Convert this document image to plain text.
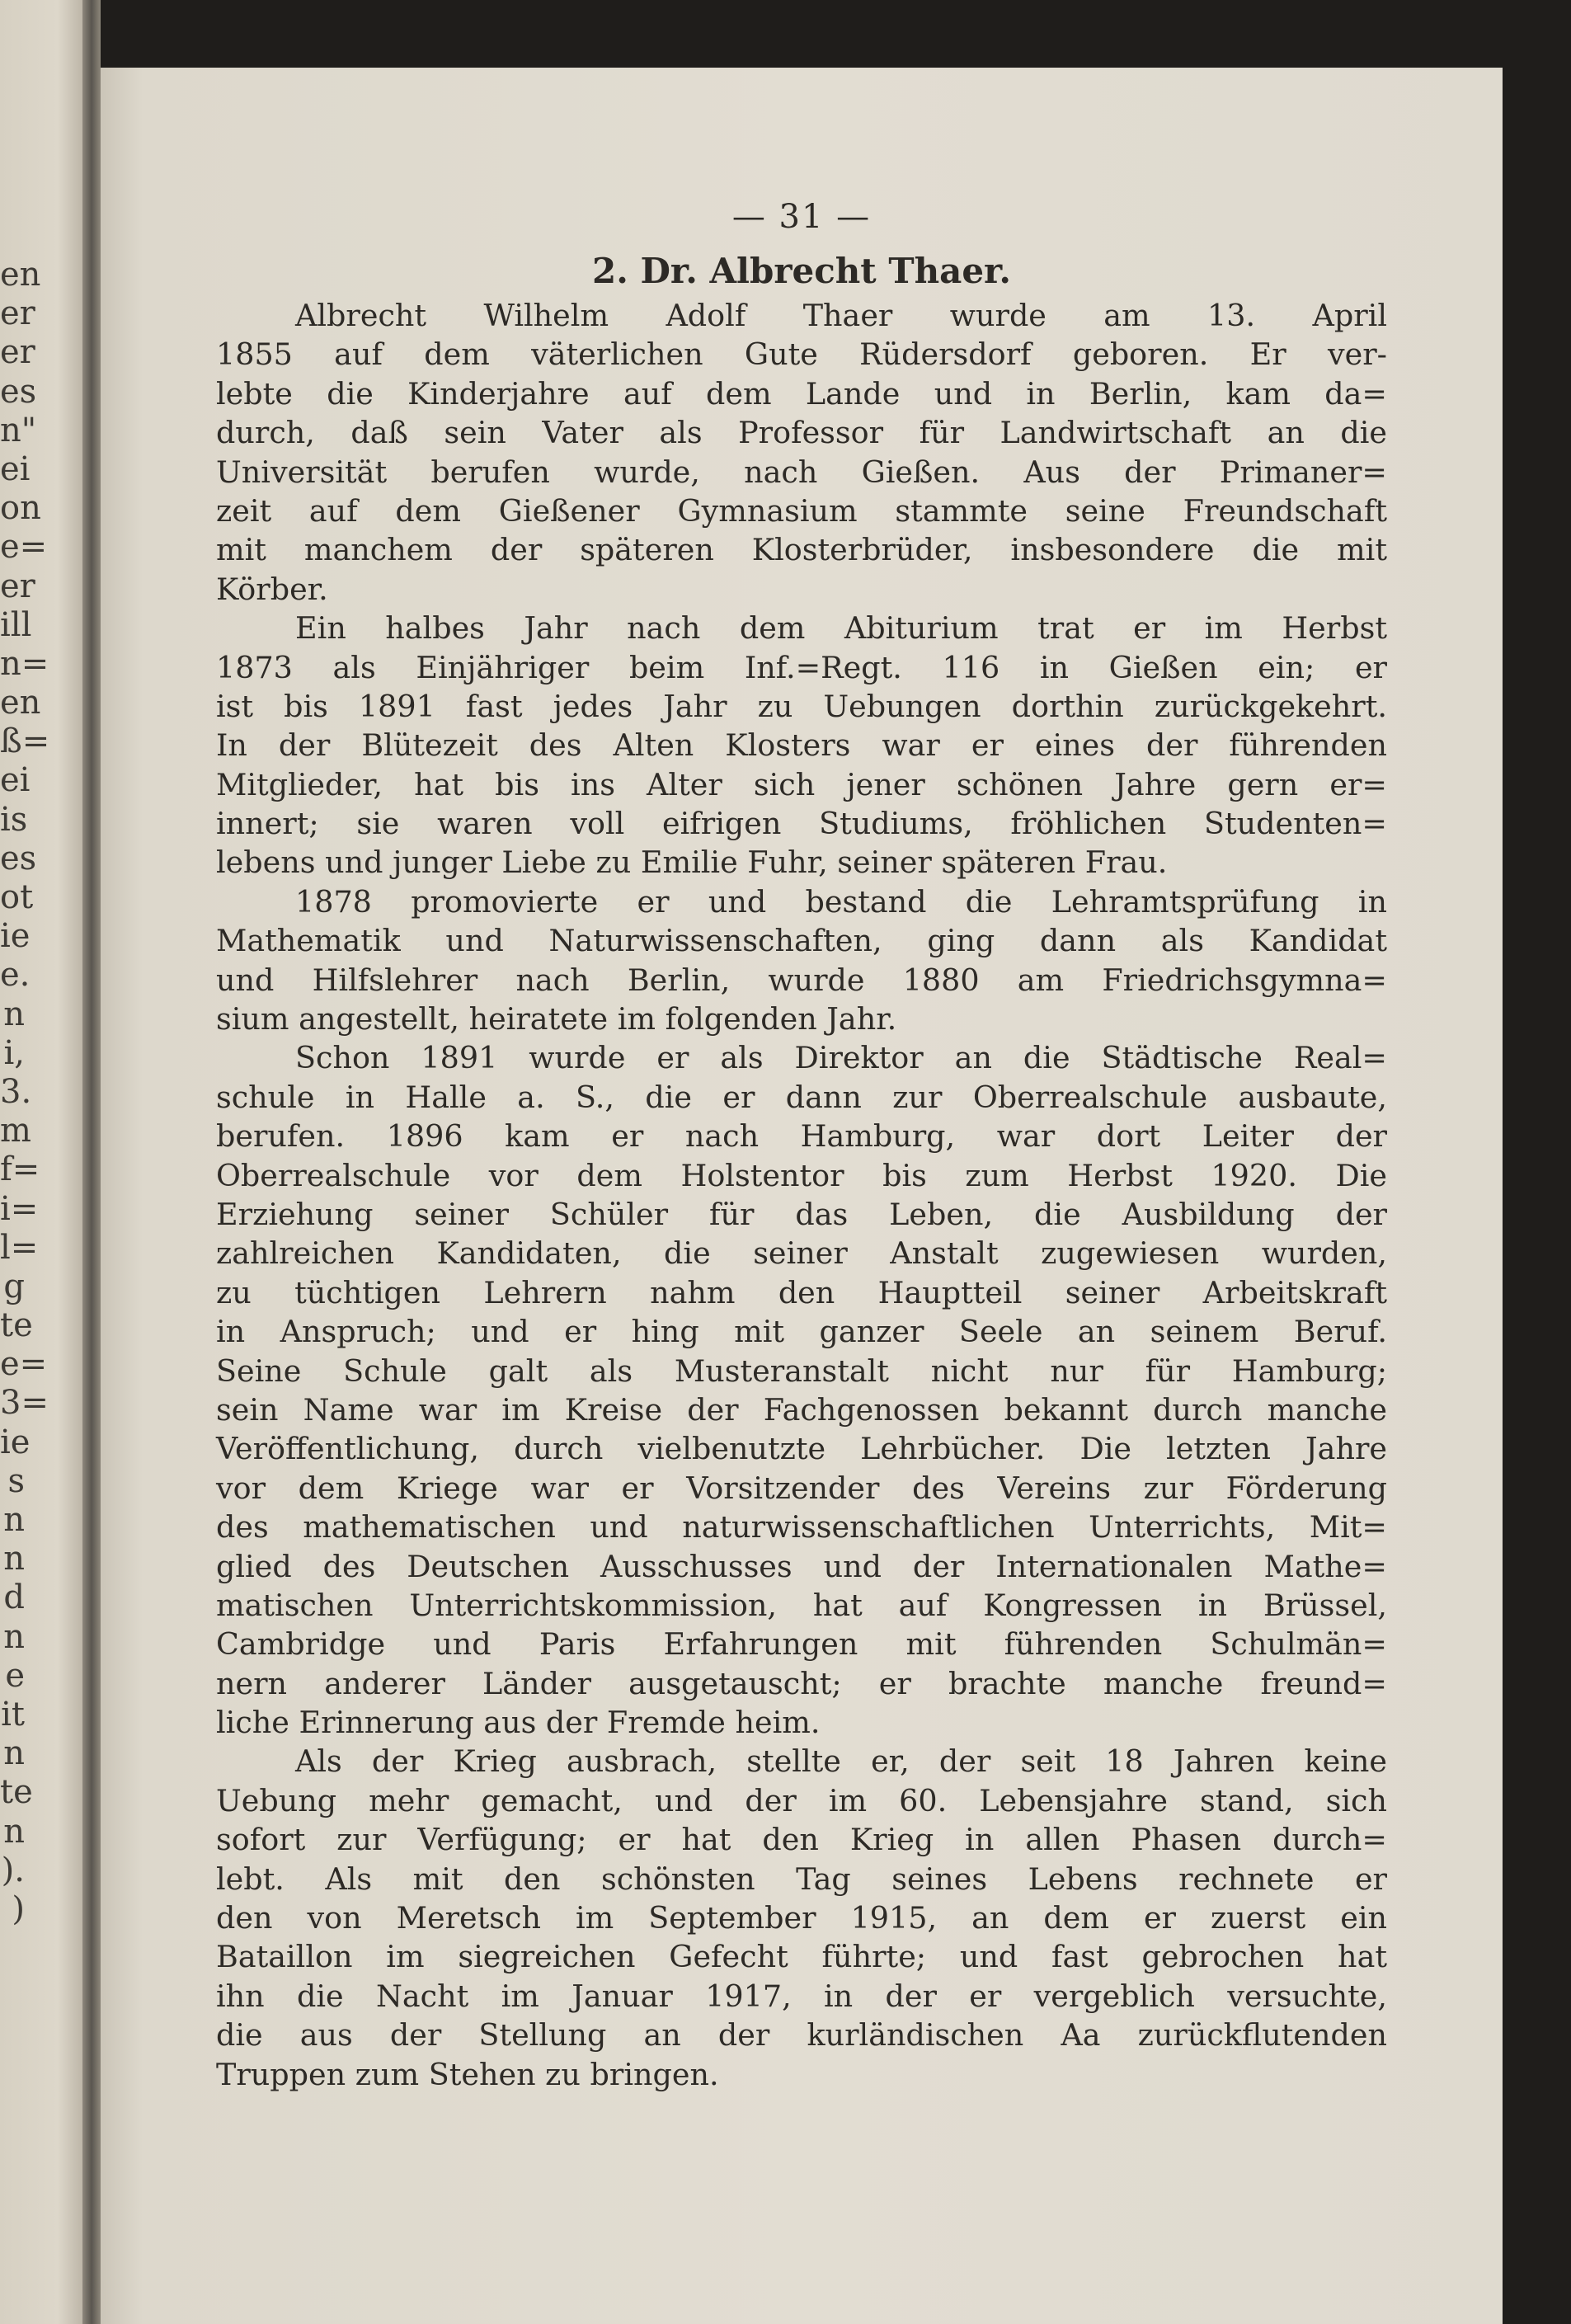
en
er
er
es
n"
ei
on
e=
er
ill
n=
en
ß=
ei
is
es
ot
ie
e.
n
i,
3.
m
f=
i=
l=
g
te
e=
3=
ie
s
n
n
d
n
e
it
n
te
n
).
)
— 31 —
2. Dr. Albrecht Thaer.
Albrecht Wilhelm Adolf Thaer wurde am 13. April
1855 auf dem väterlichen Gute Rüdersdorf geboren. Er ver-
lebte die Kinderjahre auf dem Lande und in Berlin, kam da=
durch, daß sein Vater als Professor für Landwirtschaft an die
Universität berufen wurde, nach Gießen. Aus der Primaner=
zeit auf dem Gießener Gymnasium stammte seine Freundschaft
mit manchem der späteren Klosterbrüder, insbesondere die mit
Körber.
Ein halbes Jahr nach dem Abiturium trat er im Herbst
1873 als Einjähriger beim Inf.=Regt. 116 in Gießen ein; er
ist bis 1891 fast jedes Jahr zu Uebungen dorthin zurückgekehrt.
In der Blütezeit des Alten Klosters war er eines der führenden
Mitglieder, hat bis ins Alter sich jener schönen Jahre gern er=
innert; sie waren voll eifrigen Studiums, fröhlichen Studenten=
lebens und junger Liebe zu Emilie Fuhr, seiner späteren Frau.
1878 promovierte er und bestand die Lehramtsprüfung in
Mathematik und Naturwissenschaften, ging dann als Kandidat
und Hilfslehrer nach Berlin, wurde 1880 am Friedrichsgymna=
sium angestellt, heiratete im folgenden Jahr.
Schon 1891 wurde er als Direktor an die Städtische Real=
schule in Halle a. S., die er dann zur Oberrealschule ausbaute,
berufen. 1896 kam er nach Hamburg, war dort Leiter der
Oberrealschule vor dem Holstentor bis zum Herbst 1920. Die
Erziehung seiner Schüler für das Leben, die Ausbildung der
zahlreichen Kandidaten, die seiner Anstalt zugewiesen wurden,
zu tüchtigen Lehrern nahm den Hauptteil seiner Arbeitskraft
in Anspruch; und er hing mit ganzer Seele an seinem Beruf.
Seine Schule galt als Musteranstalt nicht nur für Hamburg;
sein Name war im Kreise der Fachgenossen bekannt durch manche
Veröffentlichung, durch vielbenutzte Lehrbücher. Die letzten Jahre
vor dem Kriege war er Vorsitzender des Vereins zur Förderung
des mathematischen und naturwissenschaftlichen Unterrichts, Mit=
glied des Deutschen Ausschusses und der Internationalen Mathe=
matischen Unterrichtskommission, hat auf Kongressen in Brüssel,
Cambridge und Paris Erfahrungen mit führenden Schulmän=
nern anderer Länder ausgetauscht; er brachte manche freund=
liche Erinnerung aus der Fremde heim.
Als der Krieg ausbrach, stellte er, der seit 18 Jahren keine
Uebung mehr gemacht, und der im 60. Lebensjahre stand, sich
sofort zur Verfügung; er hat den Krieg in allen Phasen durch=
lebt. Als mit den schönsten Tag seines Lebens rechnete er
den von Meretsch im September 1915, an dem er zuerst ein
Bataillon im siegreichen Gefecht führte; und fast gebrochen hat
ihn die Nacht im Januar 1917, in der er vergeblich versuchte,
die aus der Stellung an der kurländischen Aa zurückflutenden
Truppen zum Stehen zu bringen.
